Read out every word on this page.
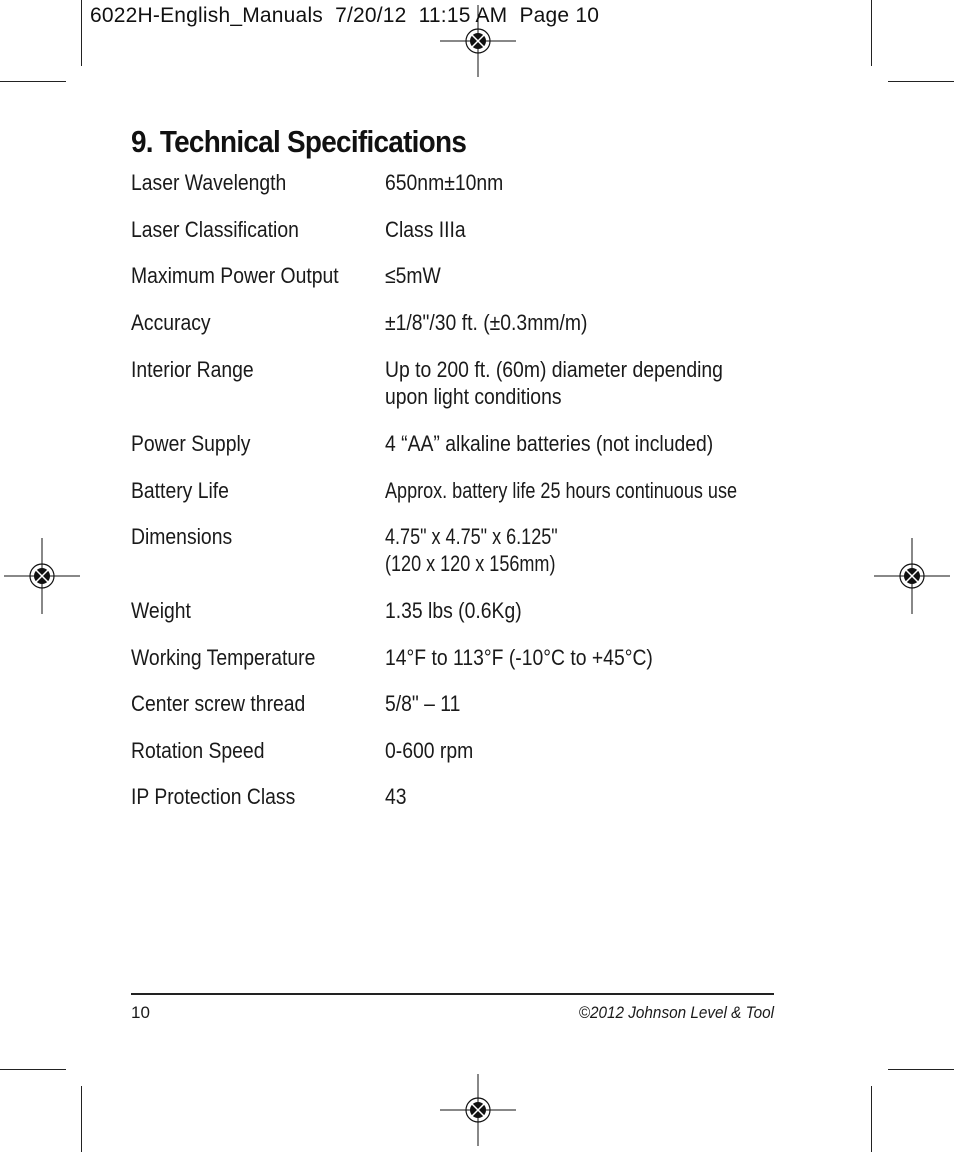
6022H-English_Manuals  7/20/12  11:15 AM  Page 10
9. Technical Specifications
Laser Wavelength	650nm±10nm
Laser Classification	Class IIIa
Maximum Power Output ≤5mW
Accuracy	±1/8"/30 ft. (±0.3mm/m)
Interior Range	Up to 200 ft. (60m) diameter depending
upon light conditions
Power Supply	4 “AA” alkaline batteries (not included)
Battery Life	Approx. battery life 25 hours continuous use
Dimensions	4.75" x 4.75" x 6.125"
(120 x 120 x 156mm)
Weight	1.35 lbs (0.6Kg)
Working Temperature	14°F to 113°F (-10°C to +45°C)
Center screw thread	5/8" – 11
Rotation Speed	0-600 rpm
IP Protection Class	43
10	©2012 Johnson Level & Tool
